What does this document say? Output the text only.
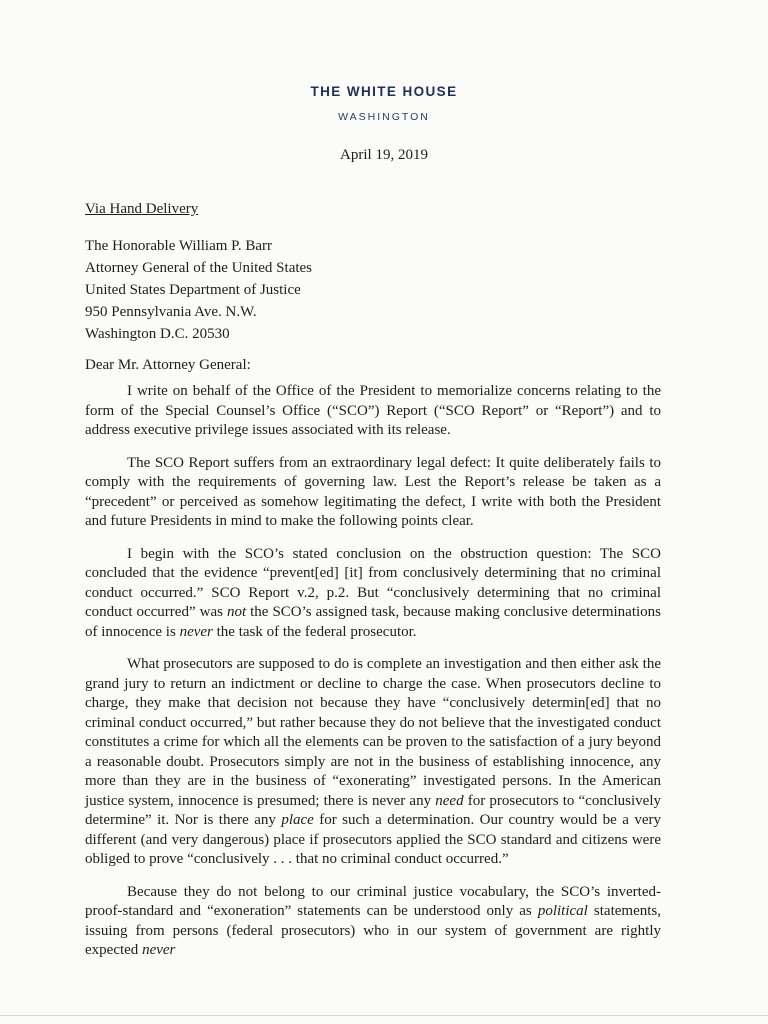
THE WHITE HOUSE
WASHINGTON
April 19, 2019
Via Hand Delivery
The Honorable William P. Barr
Attorney General of the United States
United States Department of Justice
950 Pennsylvania Ave. N.W.
Washington D.C. 20530
Dear Mr. Attorney General:

I write on behalf of the Office of the President to memorialize concerns relating to the form of the Special Counsel’s Office (“SCO”) Report (“SCO Report” or “Report”) and to address executive privilege issues associated with its release.

The SCO Report suffers from an extraordinary legal defect: It quite deliberately fails to comply with the requirements of governing law. Lest the Report’s release be taken as a “precedent” or perceived as somehow legitimating the defect, I write with both the President and future Presidents in mind to make the following points clear.

I begin with the SCO’s stated conclusion on the obstruction question: The SCO concluded that the evidence “prevent[ed] [it] from conclusively determining that no criminal conduct occurred.” SCO Report v.2, p.2. But “conclusively determining that no criminal conduct occurred” was not the SCO’s assigned task, because making conclusive determinations of innocence is never the task of the federal prosecutor.

What prosecutors are supposed to do is complete an investigation and then either ask the grand jury to return an indictment or decline to charge the case. When prosecutors decline to charge, they make that decision not because they have “conclusively determin[ed] that no criminal conduct occurred,” but rather because they do not believe that the investigated conduct constitutes a crime for which all the elements can be proven to the satisfaction of a jury beyond a reasonable doubt. Prosecutors simply are not in the business of establishing innocence, any more than they are in the business of “exonerating” investigated persons. In the American justice system, innocence is presumed; there is never any need for prosecutors to “conclusively determine” it. Nor is there any place for such a determination. Our country would be a very different (and very dangerous) place if prosecutors applied the SCO standard and citizens were obliged to prove “conclusively . . . that no criminal conduct occurred.”

Because they do not belong to our criminal justice vocabulary, the SCO’s inverted-proof-standard and “exoneration” statements can be understood only as political statements, issuing from persons (federal prosecutors) who in our system of government are rightly expected never
